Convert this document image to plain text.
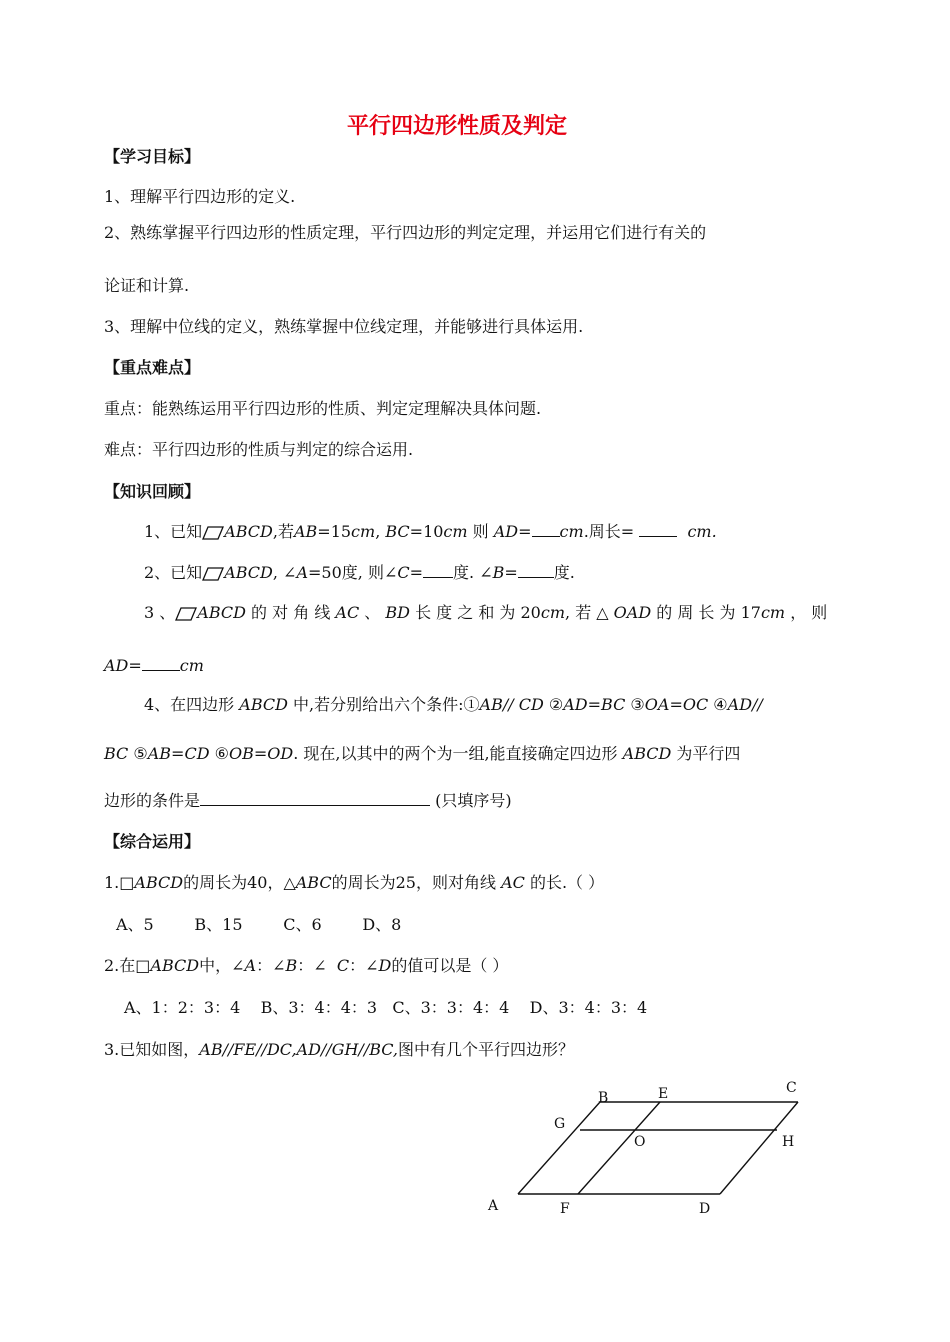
平行四边形性质及判定
【学习目标】
1、理解平行四边形的定义.
2、熟练掌握平行四边形的性质定理，平行四边形的判定定理，并运用它们进行有关的
论证和计算.
3、理解中位线的定义，熟练掌握中位线定理，并能够进行具体运用.
【重点难点】
重点：能熟练运用平行四边形的性质、判定定理解决具体问题.
难点：平行四边形的性质与判定的综合运用.
【知识回顾】
1、已知 ABCD,若AB=15cm, BC=10cm 则 AD= cm.周长=	cm.
2、已知 ABCD, ∠A=50度, 则∠C= 度. ∠B= 度.
3 、 ABCD 的 对 角 线 AC 、 BD 长 度 之 和 为 20cm, 若 △ OAD 的 周 长 为 17cm ， 则
AD= cm
4、在四边形 ABCD 中,若分别给出六个条件:①AB// CD ②AD=BC ③OA=OC ④AD//
BC ⑤AB=CD ⑥OB=OD. 现在,以其中的两个为一组,能直接确定四边形 ABCD 为平行四
边形的条件是	(只填序号)
【综合运用】
1.□ABCD的周长为40，△ABC的周长为25，则对角线 AC 的长.（ ）
A、5        B、15        C、6        D、8
2.在□ABCD中，∠A：∠B：∠  C：∠D的值可以是（ ）
A、1：2：3：4    B、3：4：4：3   C、3：3：4：4    D、3：4：3：4
3.已知如图，AB//FE//DC,AD//GH//BC,图中有几个平行四边形？
A
B
C
D
E
F
G
H
O
